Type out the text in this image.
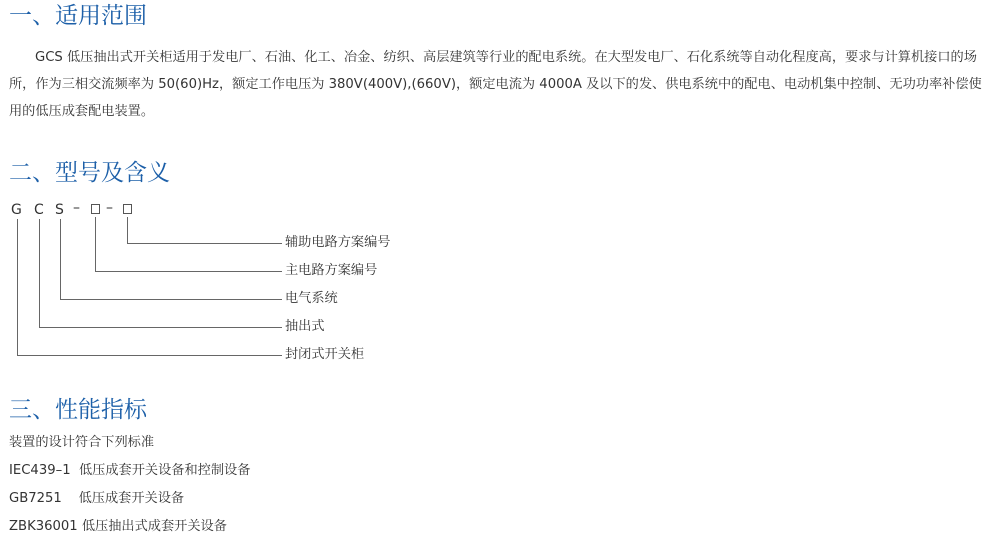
一、适用范围

GCS 低压抽出式开关柜适用于发电厂、石油、化工、冶金、纺织、高层建筑等行业的配电系统。在大型发电厂、石化系统等自动化程度高，要求与计算机接口的场所，作为三相交流频率为 50(60)Hz，额定工作电压为 380V(400V),(660V)，额定电流为 4000A 及以下的发、供电系统中的配电、电动机集中控制、无功功率补偿使用的低压成套配电装置。

二、型号及含义
G C S – –
辅助电路方案编号
主电路方案编号
电气系统
抽出式
封闭式开关柜
三、性能指标
装置的设计符合下列标准
IEC439–1  低压成套开关设备和控制设备
GB7251    低压成套开关设备
ZBK36001 低压抽出式成套开关设备
